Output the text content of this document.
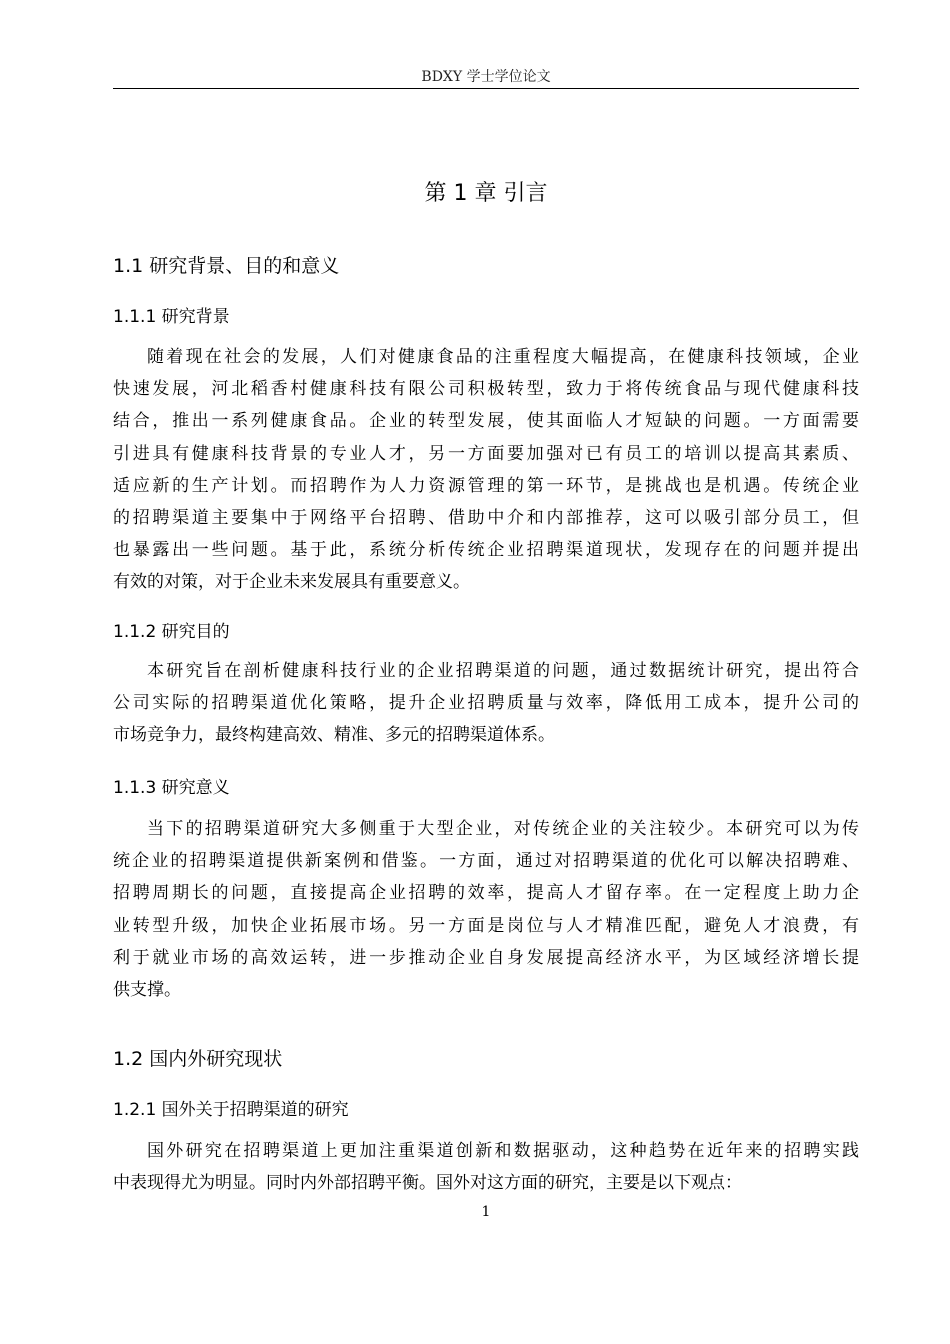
BDXY 学士学位论文
第 1 章 引言
1.1 研究背景、目的和意义
1.1.1 研究背景
随着现在社会的发展，人们对健康食品的注重程度大幅提高，在健康科技领域，企业
快速发展，河北稻香村健康科技有限公司积极转型，致力于将传统食品与现代健康科技
结合，推出一系列健康食品。企业的转型发展，使其面临人才短缺的问题。一方面需要
引进具有健康科技背景的专业人才，另一方面要加强对已有员工的培训以提高其素质、
适应新的生产计划。而招聘作为人力资源管理的第一环节，是挑战也是机遇。传统企业
的招聘渠道主要集中于网络平台招聘、借助中介和内部推荐，这可以吸引部分员工，但
也暴露出一些问题。基于此，系统分析传统企业招聘渠道现状，发现存在的问题并提出
有效的对策，对于企业未来发展具有重要意义。
1.1.2 研究目的
本研究旨在剖析健康科技行业的企业招聘渠道的问题，通过数据统计研究，提出符合
公司实际的招聘渠道优化策略，提升企业招聘质量与效率，降低用工成本，提升公司的
市场竞争力，最终构建高效、精准、多元的招聘渠道体系。
1.1.3 研究意义
当下的招聘渠道研究大多侧重于大型企业，对传统企业的关注较少。本研究可以为传
统企业的招聘渠道提供新案例和借鉴。一方面，通过对招聘渠道的优化可以解决招聘难、
招聘周期长的问题，直接提高企业招聘的效率，提高人才留存率。在一定程度上助力企
业转型升级，加快企业拓展市场。另一方面是岗位与人才精准匹配，避免人才浪费，有
利于就业市场的高效运转，进一步推动企业自身发展提高经济水平，为区域经济增长提
供支撑。
1.2 国内外研究现状
1.2.1 国外关于招聘渠道的研究
国外研究在招聘渠道上更加注重渠道创新和数据驱动，这种趋势在近年来的招聘实践
中表现得尤为明显。同时内外部招聘平衡。国外对这方面的研究，主要是以下观点：
1
